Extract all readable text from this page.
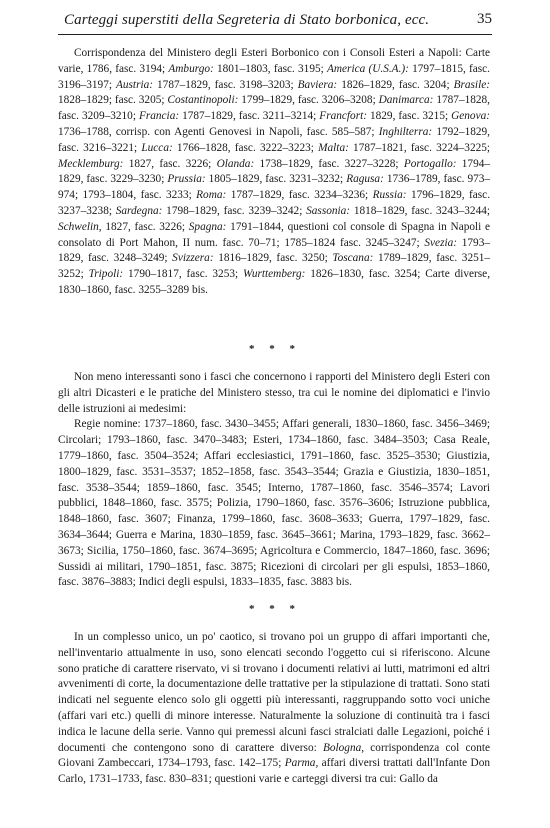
Carteggi superstiti della Segreteria di Stato borbonica, ecc.	35

Corrispondenza del Ministero degli Esteri Borbonico con i Consoli Esteri a Napoli: Carte varie, 1786, fasc. 3194; Amburgo: 1801–1803, fasc. 3195; America (U.S.A.): 1797–1815, fasc. 3196–3197; Austria: 1787–1829, fasc. 3198–3203; Baviera: 1826–1829, fasc. 3204; Brasile: 1828–1829; fasc. 3205; Costantinopoli: 1799–1829, fasc. 3206–3208; Danimarca: 1787–1828, fasc. 3209–3210; Francia: 1787–1829, fasc. 3211–3214; Francfort: 1829, fasc. 3215; Genova: 1736–1788, corrisp. con Agenti Genovesi in Napoli, fasc. 585–587; Inghilterra: 1792–1829, fasc. 3216–3221; Lucca: 1766–1828, fasc. 3222–3223; Malta: 1787–1821, fasc. 3224–3225; Mecklemburg: 1827, fasc. 3226; Olanda: 1738–1829, fasc. 3227–3228; Portogallo: 1794–1829, fasc. 3229–3230; Prussia: 1805–1829, fasc. 3231–3232; Ragusa: 1736–1789, fasc. 973–974; 1793–1804, fasc. 3233; Roma: 1787–1829, fasc. 3234–3236; Russia: 1796–1829, fasc. 3237–3238; Sardegna: 1798–1829, fasc. 3239–3242; Sassonia: 1818–1829, fasc. 3243–3244; Schwelin, 1827, fasc. 3226; Spagna: 1791–1844, questioni col console di Spagna in Napoli e consolato di Port Mahon, II num. fasc. 70–71; 1785–1824 fasc. 3245–3247; Svezia: 1793–1829, fasc. 3248–3249; Svizzera: 1816–1829, fasc. 3250; Toscana: 1789–1829, fasc. 3251–3252; Tripoli: 1790–1817, fasc. 3253; Wurttemberg: 1826–1830, fasc. 3254; Carte diverse, 1830–1860, fasc. 3255–3289 bis.

* * *

Non meno interessanti sono i fasci che concernono i rapporti del Ministero degli Esteri con gli altri Dicasteri e le pratiche del Ministero stesso, tra cui le nomine dei diplomatici e l'invio delle istruzioni ai medesimi:

Regie nomine: 1737–1860, fasc. 3430–3455; Affari generali, 1830–1860, fasc. 3456–3469; Circolari; 1793–1860, fasc. 3470–3483; Esteri, 1734–1860, fasc. 3484–3503; Casa Reale, 1779–1860, fasc. 3504–3524; Affari ecclesiastici, 1791–1860, fasc. 3525–3530; Giustizia, 1800–1829, fasc. 3531–3537; 1852–1858, fasc. 3543–3544; Grazia e Giustizia, 1830–1851, fasc. 3538–3544; 1859–1860, fasc. 3545; Interno, 1787–1860, fasc. 3546–3574; Lavori pubblici, 1848–1860, fasc. 3575; Polizia, 1790–1860, fasc. 3576–3606; Istruzione pubblica, 1848–1860, fasc. 3607; Finanza, 1799–1860, fasc. 3608–3633; Guerra, 1797–1829, fasc. 3634–3644; Guerra e Marina, 1830–1859, fasc. 3645–3661; Marina, 1793–1829, fasc. 3662–3673; Sicilia, 1750–1860, fasc. 3674–3695; Agricoltura e Commercio, 1847–1860, fasc. 3696; Sussidi ai militari, 1790–1851, fasc. 3875; Ricezioni di circolari per gli espulsi, 1853–1860, fasc. 3876–3883; Indici degli espulsi, 1833–1835, fasc. 3883 bis.

* * *

In un complesso unico, un po' caotico, si trovano poi un gruppo di affari importanti che, nell'inventario attualmente in uso, sono elencati secondo l'oggetto cui si riferiscono. Alcune sono pratiche di carattere riservato, vi si trovano i documenti relativi ai lutti, matrimoni ed altri avvenimenti di corte, la documentazione delle trattative per la stipulazione di trattati. Sono stati indicati nel seguente elenco solo gli oggetti più interessanti, raggruppando sotto voci uniche (affari vari etc.) quelli di minore interesse. Naturalmente la soluzione di continuità tra i fasci indica le lacune della serie. Vanno qui premessi alcuni fasci stralciati dalle Legazioni, poiché i documenti che contengono sono di carattere diverso: Bologna, corrispondenza col conte Giovani Zambeccari, 1734–1793, fasc. 142–175; Parma, affari diversi trattati dall'Infante Don Carlo, 1731–1733, fasc. 830–831; questioni varie e carteggi diversi tra cui: Gallo da
